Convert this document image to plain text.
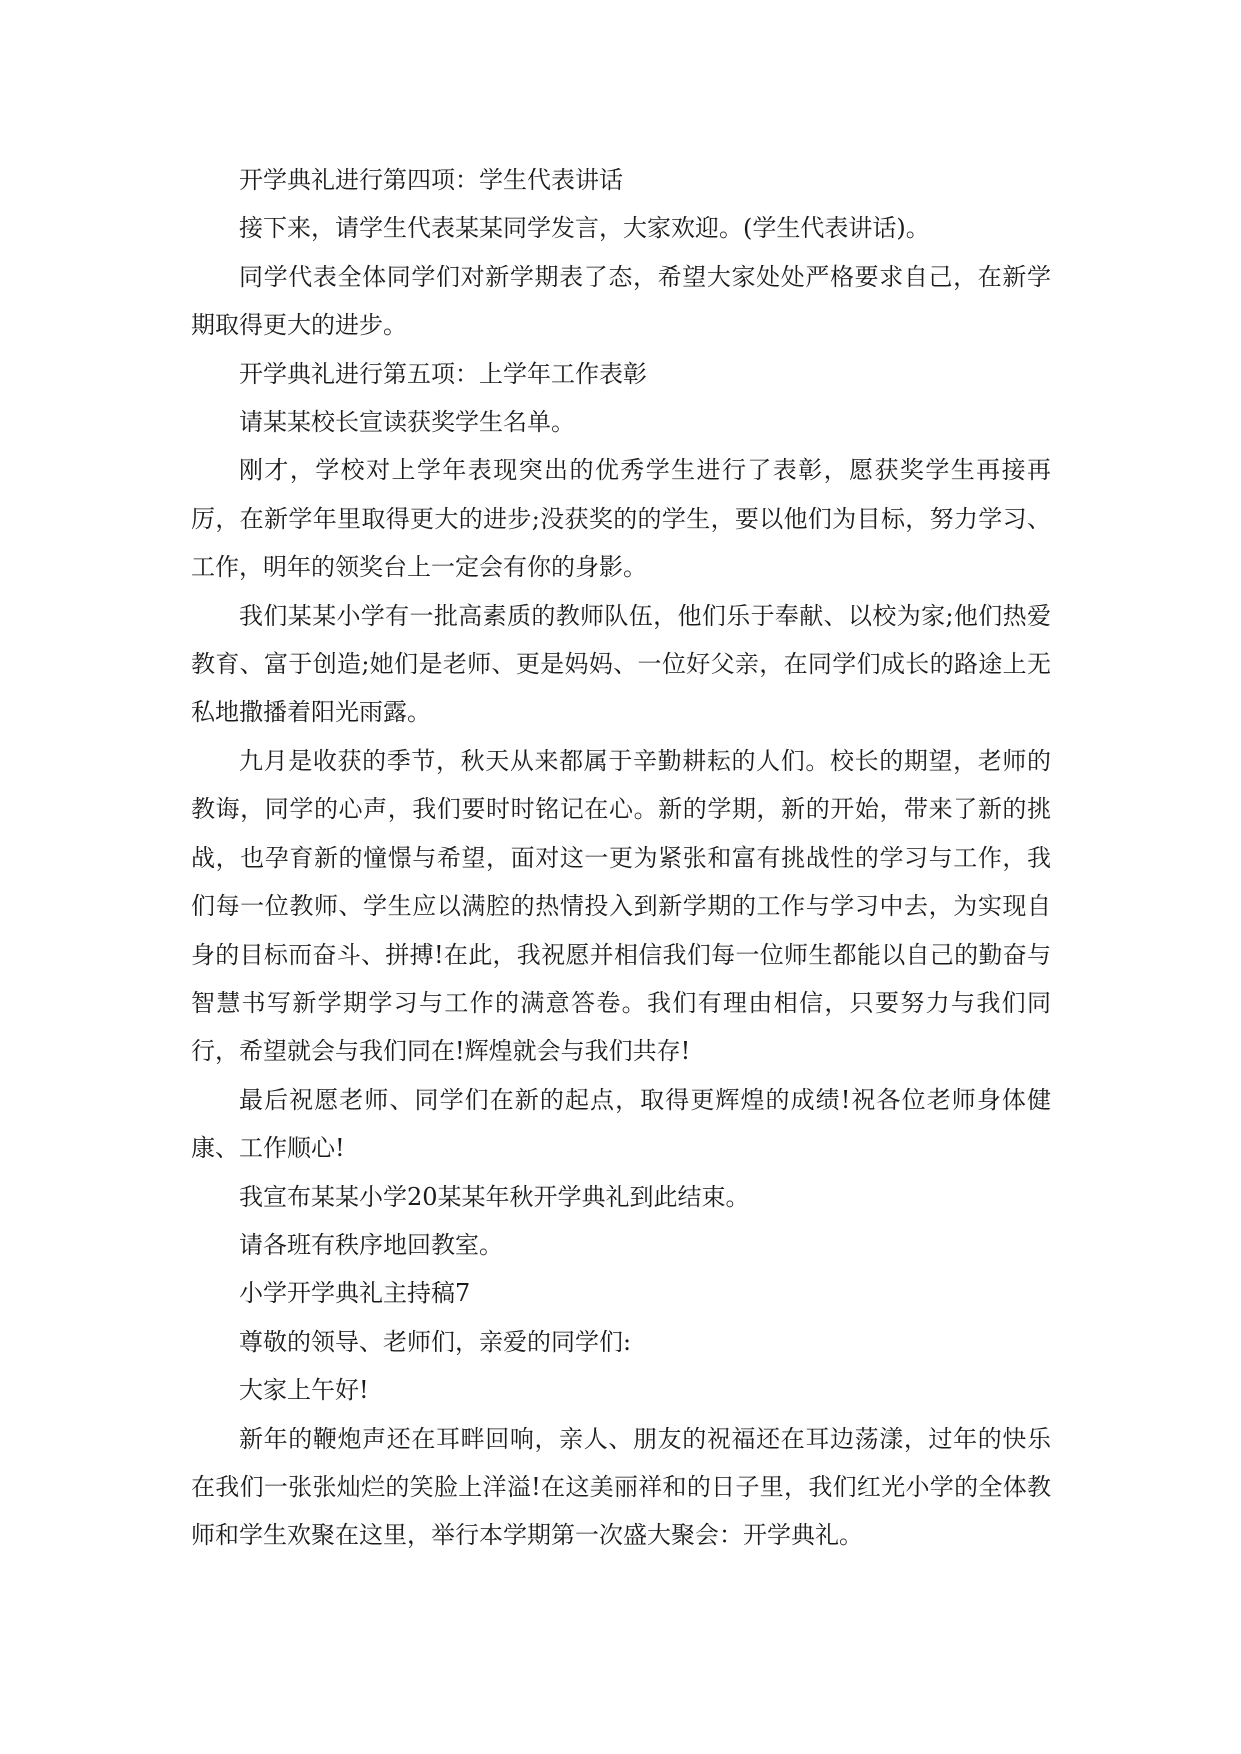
开学典礼进行第四项：学生代表讲话

接下来，请学生代表某某同学发言，大家欢迎。(学生代表讲话)。

同学代表全体同学们对新学期表了态，希望大家处处严格要求自己，在新学期取得更大的进步。

开学典礼进行第五项：上学年工作表彰

请某某校长宣读获奖学生名单。

刚才，学校对上学年表现突出的优秀学生进行了表彰，愿获奖学生再接再厉，在新学年里取得更大的进步;没获奖的的学生，要以他们为目标，努力学习、工作，明年的领奖台上一定会有你的身影。

我们某某小学有一批高素质的教师队伍，他们乐于奉献、以校为家;他们热爱教育、富于创造;她们是老师、更是妈妈、一位好父亲，在同学们成长的路途上无私地撒播着阳光雨露。

九月是收获的季节，秋天从来都属于辛勤耕耘的人们。校长的期望，老师的教诲，同学的心声，我们要时时铭记在心。新的学期，新的开始，带来了新的挑战，也孕育新的憧憬与希望，面对这一更为紧张和富有挑战性的学习与工作，我们每一位教师、学生应以满腔的热情投入到新学期的工作与学习中去，为实现自身的目标而奋斗、拼搏!在此，我祝愿并相信我们每一位师生都能以自己的勤奋与智慧书写新学期学习与工作的满意答卷。我们有理由相信，只要努力与我们同行，希望就会与我们同在!辉煌就会与我们共存!

最后祝愿老师、同学们在新的起点，取得更辉煌的成绩!祝各位老师身体健康、工作顺心!

我宣布某某小学20某某年秋开学典礼到此结束。

请各班有秩序地回教室。

小学开学典礼主持稿7

尊敬的领导、老师们，亲爱的同学们:

大家上午好!

新年的鞭炮声还在耳畔回响，亲人、朋友的祝福还在耳边荡漾，过年的快乐在我们一张张灿烂的笑脸上洋溢!在这美丽祥和的日子里，我们红光小学的全体教师和学生欢聚在这里，举行本学期第一次盛大聚会：开学典礼。
